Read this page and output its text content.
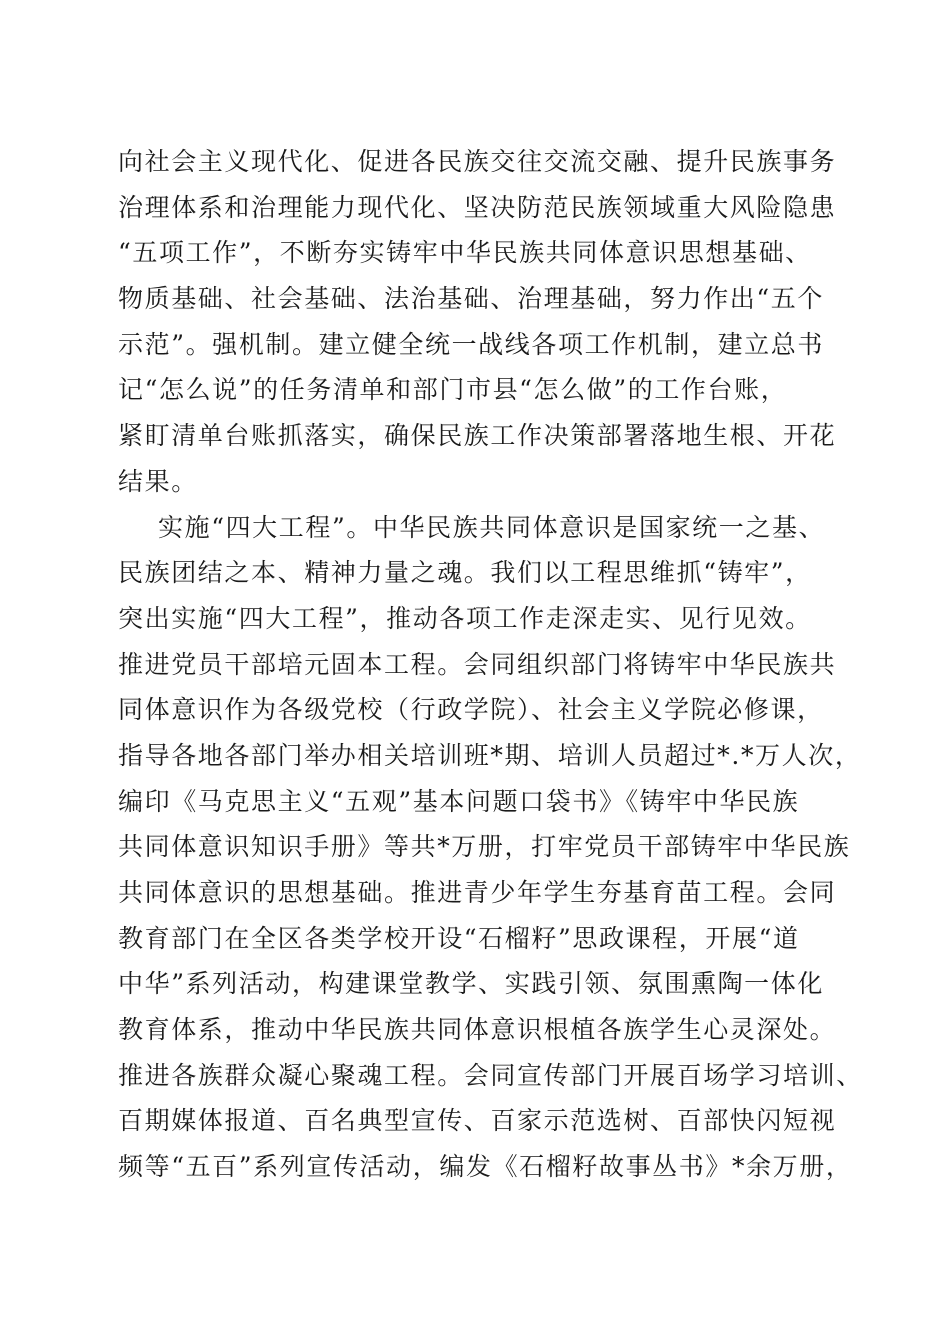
向社会主义现代化、促进各民族交往交流交融、提升民族事务
治理体系和治理能力现代化、坚决防范民族领域重大风险隐患
“五项工作”，不断夯实铸牢中华民族共同体意识思想基础、
物质基础、社会基础、法治基础、治理基础，努力作出“五个
示范”。强机制。建立健全统一战线各项工作机制，建立总书
记“怎么说”的任务清单和部门市县“怎么做”的工作台账，
紧盯清单台账抓落实，确保民族工作决策部署落地生根、开花
结果。
实施“四大工程”。中华民族共同体意识是国家统一之基、
民族团结之本、精神力量之魂。我们以工程思维抓“铸牢”，
突出实施“四大工程”，推动各项工作走深走实、见行见效。
推进党员干部培元固本工程。会同组织部门将铸牢中华民族共
同体意识作为各级党校（行政学院）、社会主义学院必修课，
指导各地各部门举办相关培训班*期、培训人员超过*.*万人次，
编印《马克思主义“五观”基本问题口袋书》《铸牢中华民族
共同体意识知识手册》等共*万册，打牢党员干部铸牢中华民族
共同体意识的思想基础。推进青少年学生夯基育苗工程。会同
教育部门在全区各类学校开设“石榴籽”思政课程，开展“道
中华”系列活动，构建课堂教学、实践引领、氛围熏陶一体化
教育体系，推动中华民族共同体意识根植各族学生心灵深处。
推进各族群众凝心聚魂工程。会同宣传部门开展百场学习培训、
百期媒体报道、百名典型宣传、百家示范选树、百部快闪短视
频等“五百”系列宣传活动，编发《石榴籽故事丛书》*余万册，
